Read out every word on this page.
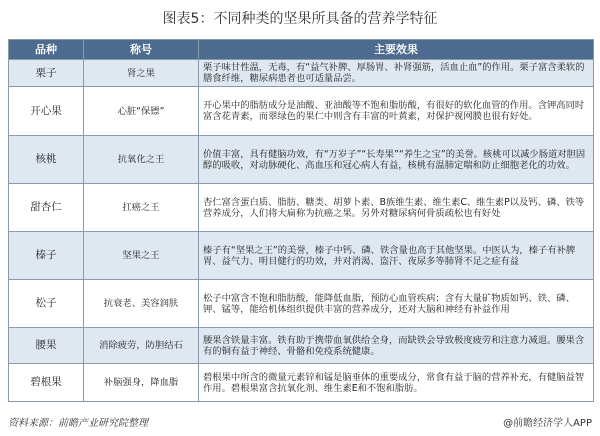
图表5：不同种类的坚果所具备的营养学特征
品种	称号	主要效果
栗子	肾之果	栗子味甘性温，无毒，有“益气补脾、厚肠胃、补肾强筋，活血止血”的作用。栗子富含柔软的膳食纤维，糖尿病患者也可适量品尝。
开心果	心脏“保镖”	开心果中的脂肪成分是油酸、亚油酸等不饱和脂肪酸，有很好的软化血管的作用。含钾高同时富含花青素，而翠绿色的果仁中则含有丰富的叶黄素，对保护视网膜也很有好处。
核桃	抗氧化之王	价值丰富，具有健脑功效，有“万岁子”“长寿果”“养生之宝”的美誉。核桃可以减少肠道对胆固醇的吸收，对动脉硬化、高血压和冠心病人有益，核桃有温肺定喘和防止细胞老化的功效。
甜杏仁	扛癌之王	杏仁富含蛋白质、脂肪、糖类、胡萝卜素、B族维生素、维生素C、维生素P以及钙、磷、铁等营养成分，人们将大扁称为抗癌之果。另外对糖尿病何骨质疏松也有好处
榛子	坚果之王	榛子有“坚果之王”的美誉，榛子中钙、磷、铁含量也高于其他坚果。中医认为，榛子有补脾胃、益气力、明目健行的功效，并对消渴、盗汗、夜尿多等肺肾不足之症有益
松子	抗衰老、美容润肤	松子中富含不饱和脂肪酸，能降低血脂，预防心血管疾病；含有大量矿物质如钙、铁、磷、钾、锰等，能给机体组织提供丰富的营养成分，还对大脑和神经有补益作用
腰果	消除疲劳，防胆结石	腰果含铁量丰富。铁有助于携带血氧供给全身，而缺铁会导致极度疲劳和注意力减退。腰果含有的铜有益于神经、骨骼和免疫系统健康。
碧根果	补脑强身，降血脂	碧根果中所含的微量元素锌和锰是脑垂体的重要成分，常食有益于脑的营养补充，有健脑益智作用。碧根果富含抗氧化剂、维生素E和不饱和脂肪。
资料来源：前瞻产业研究院整理	@前瞻经济学人APP
